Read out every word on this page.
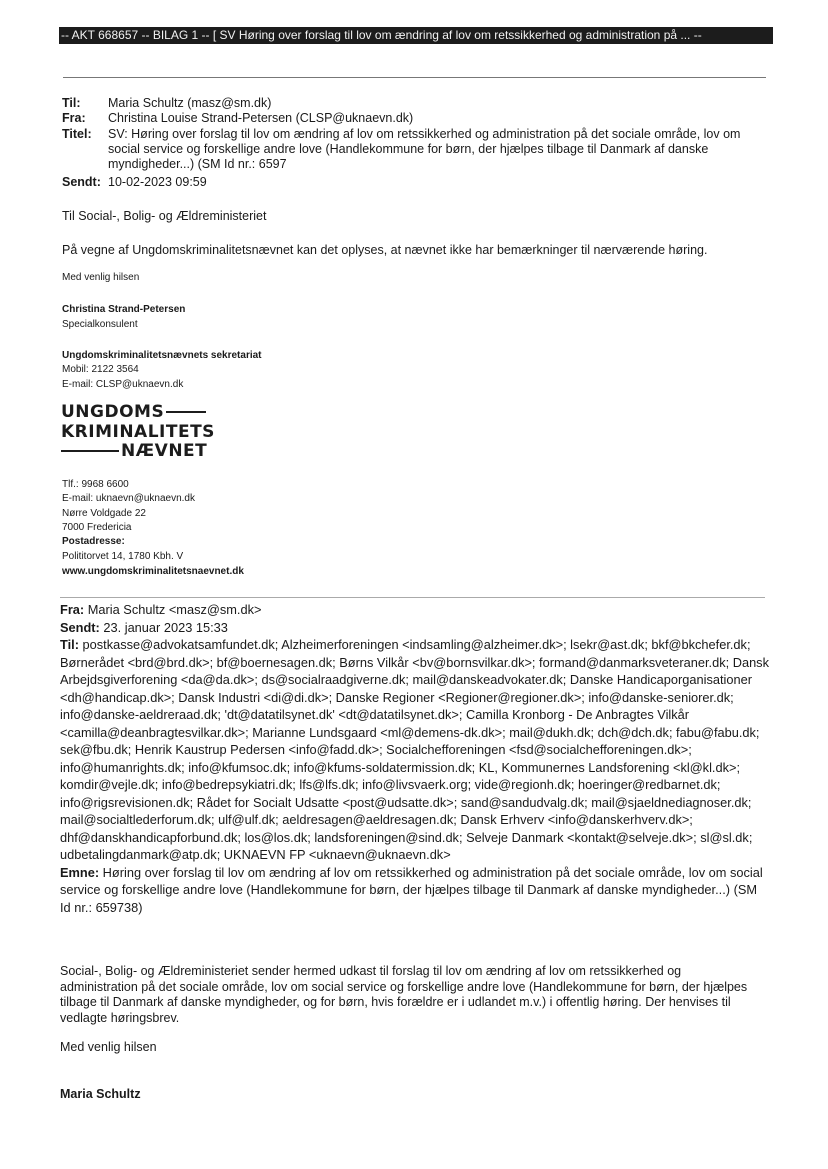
-- AKT 668657 -- BILAG 1 -- [ SV Høring over forslag til lov om ændring af lov om retssikkerhed og administration på ... --
Til: Maria Schultz (masz@sm.dk)
Fra: Christina Louise Strand-Petersen (CLSP@uknaevn.dk)
Titel: SV: Høring over forslag til lov om ændring af lov om retssikkerhed og administration på det sociale område, lov om social service og forskellige andre love (Handlekommune for børn, der hjælpes tilbage til Danmark af danske myndigheder...) (SM Id nr.: 6597
Sendt: 10-02-2023 09:59
Til Social-, Bolig- og Ældreministeriet
På vegne af Ungdomskriminalitetsnævnet kan det oplyses, at nævnet ikke har bemærkninger til nærværende høring.
Med venlig hilsen
Christina Strand-Petersen
Specialkonsulent
Ungdomskriminalitetsnævnets sekretariat
Mobil: 2122 3564
E-mail: CLSP@uknaevn.dk
UNGDOMS
KRIMINALITETS
NÆVNET
Tlf.: 9968 6600
E-mail: uknaevn@uknaevn.dk
Nørre Voldgade 22
7000 Fredericia
Postadresse:
Polititorvet 14, 1780 Kbh. V
www.ungdomskriminalitetsnaevnet.dk
Fra: Maria Schultz <masz@sm.dk>
Sendt: 23. januar 2023 15:33
Til: postkasse@advokatsamfundet.dk; Alzheimerforeningen <indsamling@alzheimer.dk>; lsekr@ast.dk; bkf@bkchefer.dk; Børnerådet <brd@brd.dk>; bf@boernesagen.dk; Børns Vilkår <bv@bornsvilkar.dk>; formand@danmarksveteraner.dk; Dansk Arbejdsgiverforening <da@da.dk>; ds@socialraadgiverne.dk; mail@danskeadvokater.dk; Danske Handicaporganisationer <dh@handicap.dk>; Dansk Industri <di@di.dk>; Danske Regioner <Regioner@regioner.dk>; info@danske-seniorer.dk; info@danske-aeldreraad.dk; 'dt@datatilsynet.dk' <dt@datatilsynet.dk>; Camilla Kronborg - De Anbragtes Vilkår <camilla@deanbragtesvilkar.dk>; Marianne Lundsgaard <ml@demens-dk.dk>; mail@dukh.dk; dch@dch.dk; fabu@fabu.dk; sek@fbu.dk; Henrik Kaustrup Pedersen <info@fadd.dk>; Socialchefforeningen <fsd@socialchefforeningen.dk>; info@humanrights.dk; info@kfumsoc.dk; info@kfums-soldatermission.dk; KL, Kommunernes Landsforening <kl@kl.dk>; komdir@vejle.dk; info@bedrepsykiatri.dk; lfs@lfs.dk; info@livsvaerk.org; vide@regionh.dk; hoeringer@redbarnet.dk; info@rigsrevisionen.dk; Rådet for Socialt Udsatte <post@udsatte.dk>; sand@sandudvalg.dk; mail@sjaeldnediagnoser.dk; mail@socialtlederforum.dk; ulf@ulf.dk; aeldresagen@aeldresagen.dk; Dansk Erhverv <info@danskerhverv.dk>; dhf@danskhandicapforbund.dk; los@los.dk; landsforeningen@sind.dk; Selveje Danmark <kontakt@selveje.dk>; sl@sl.dk; udbetalingdanmark@atp.dk; UKNAEVN FP <uknaevn@uknaevn.dk>
Emne: Høring over forslag til lov om ændring af lov om retssikkerhed og administration på det sociale område, lov om social service og forskellige andre love (Handlekommune for børn, der hjælpes tilbage til Danmark af danske myndigheder...) (SM Id nr.: 659738)
Social-, Bolig- og Ældreministeriet sender hermed udkast til forslag til lov om ændring af lov om retssikkerhed og administration på det sociale område, lov om social service og forskellige andre love (Handlekommune for børn, der hjælpes tilbage til Danmark af danske myndigheder, og for børn, hvis forældre er i udlandet m.v.) i offentlig høring. Der henvises til vedlagte høringsbrev.
Med venlig hilsen
Maria Schultz
